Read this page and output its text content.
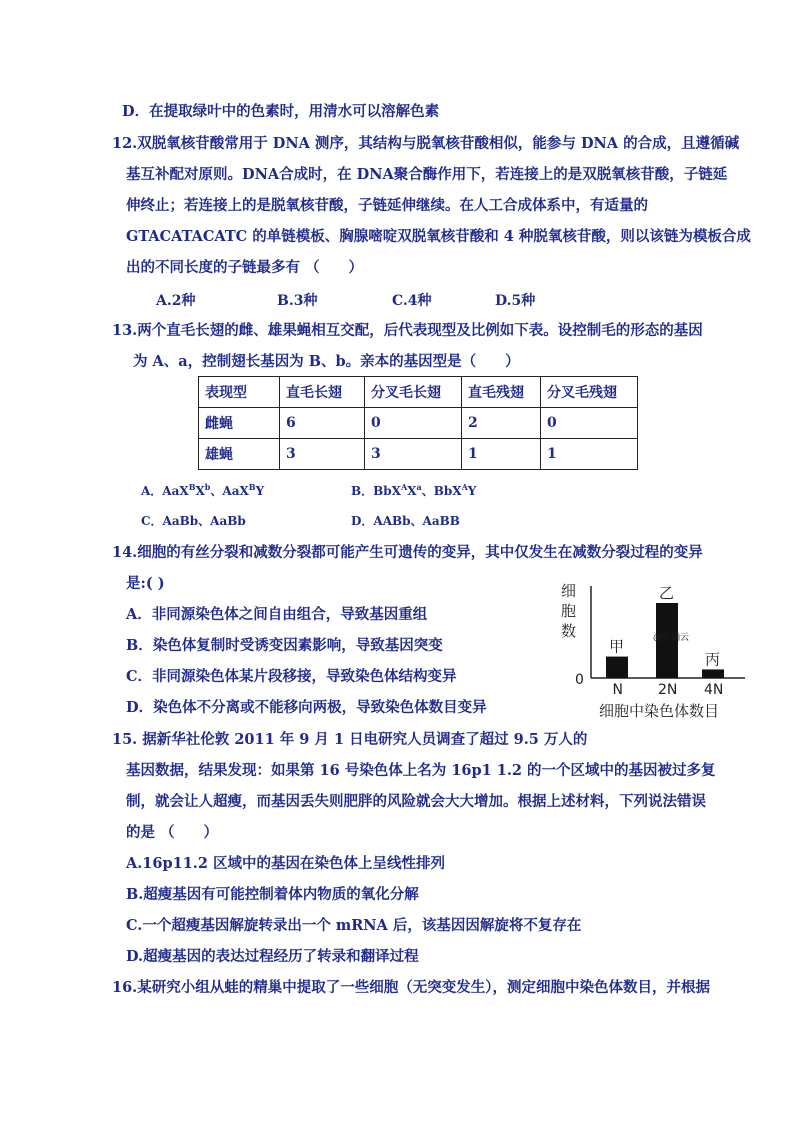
D．在提取绿叶中的色素时，用清水可以溶解色素
12.双脱氧核苷酸常用于 DNA 测序，其结构与脱氧核苷酸相似，能参与 DNA 的合成，且遵循碱
基互补配对原则。DNA合成时，在 DNA聚合酶作用下，若连接上的是双脱氧核苷酸，子链延
伸终止；若连接上的是脱氧核苷酸，子链延伸继续。在人工合成体系中，有适量的
GTACATACATC 的单链模板、胸腺嘧啶双脱氧核苷酸和 4 种脱氧核苷酸，则以该链为模板合成
出的不同长度的子链最多有 （　　）
A.2种	B.3种	C.4种	D.5种
13.两个直毛长翅的雌、雄果蝇相互交配，后代表现型及比例如下表。设控制毛的形态的基因
为 A、a，控制翅长基因为 B、b。亲本的基因型是（　　）
表现型	直毛长翅	分叉毛长翅	直毛残翅	分叉毛残翅
雌蝇	6	0	2	0
雄蝇	3	3	1	1
A．$AaX^BX^b$、AaX$^B$Y	B．$BbX^AX^a$、BbX$^A$Y
C．AaBb、AaBb	D．AABb、AaBB
14.细胞的有丝分裂和减数分裂都可能产生可遗传的变异，其中仅发生在减数分裂过程的变异
是:( )
A．非同源染色体之间自由组合，导致基因重组
B．染色体复制时受诱变因素影响，导致基因突变
C．非同源染色体某片段移接，导致染色体结构变异
D．染色体不分离或不能移向两极，导致染色体数目变异
细
胞
数
0
甲
N
乙
2N
丙
4N
@正确云
细胞中染色体数目
15. 据新华社伦敦 2011 年 9 月 1 日电研究人员调查了超过 9.5 万人的
基因数据，结果发现：如果第 16 号染色体上名为 16p1 1.2 的一个区域中的基因被过多复
制，就会让人超瘦，而基因丢失则肥胖的风险就会大大增加。根据上述材料，下列说法错误
的是 （　　）
A.16p11.2 区域中的基因在染色体上呈线性排列
B.超瘦基因有可能控制着体内物质的氧化分解
C.一个超瘦基因解旋转录出一个 mRNA 后，该基因因解旋将不复存在
D.超瘦基因的表达过程经历了转录和翻译过程
16.某研究小组从蛙的精巢中提取了一些细胞（无突变发生），测定细胞中染色体数目，并根据
